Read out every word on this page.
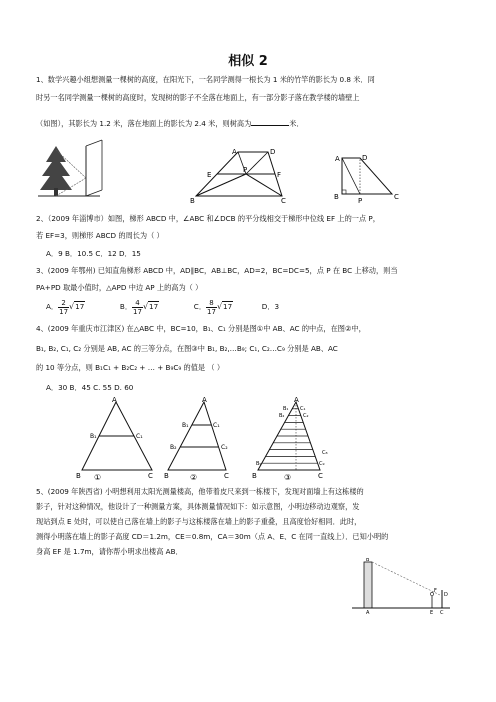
相似 2
1、数学兴趣小组想测量一棵树的高度，在阳光下，一名同学测得一根长为 1 米的竹竿的影长为 0.8 米．同
时另一名同学测量一棵树的高度时，发现树的影子不全落在地面上，有一部分影子落在教学楼的墙壁上
（如图），其影长为 1.2 米，落在地面上的影长为 2.4 米，则树高为	米．
A	D
E
P
F
B	C
A	D
B	P	C
2、（2009 年淄博市）如图，梯形 ABCD 中，∠ABC 和∠DCB 的平分线相交于梯形中位线 EF 上的一点 P，
若 EF=3，则梯形 ABCD 的周长为（ ）
A．9 B．10.5 C．12 D．15
3、(2009 年鄂州) 已知直角梯形 ABCD 中，AD∥BC，AB⊥BC，AD=2，BC=DC=5，点 P 在 BC 上移动，则当
PA+PD 取最小值时，△APD 中边 AP 上的高为（ ）
A． $\frac{2}{17} √17$	B． $\frac{4}{17} √17$	C． $\frac{8}{17} √17$	D．3
4、(2009 年重庆市江津区) 在△ABC 中，BC=10，B₁、C₁ 分别是图①中 AB、AC 的中点，在图②中，
B₁, B₂, C₁, C₂ 分别是 AB, AC 的三等分点，在图③中 B₁, B₂,…B₉; C₁, C₂…C₉ 分别是 AB、AC
的 10 等分点，则 B₁C₁ + B₂C₂ + … + B₉C₉ 的值是 （ ）
A．30 B．45 C. 55 D. 60
A
B₁	C₁
B	C
①
A
B₁	C₁
B₂	C₂
B	C
②
A
B₁ C₁
B₂	C₂
B₉	C₉
C₈
B	C
③
5、(2009 年陕西省) 小明想利用太阳光测量楼高，他带着皮尺来到一栋楼下，发现对面墙上有这栋楼的
影子，针对这种情况，他设计了一种测量方案，具体测量情况如下：如示意图，小明边移动边观察，发
现站到点 E 处时，可以使自己落在墙上的影子与这栋楼落在墙上的影子重叠，且高度恰好相同．此时，
测得小明落在墙上的影子高度 CD＝1.2m，CE＝0.8m，CA＝30m（点 A、E、C 在同一直线上）．已知小明的
身高 EF 是 1.7m，请你帮小明求出楼高 AB．
B
A	E C
D
F
